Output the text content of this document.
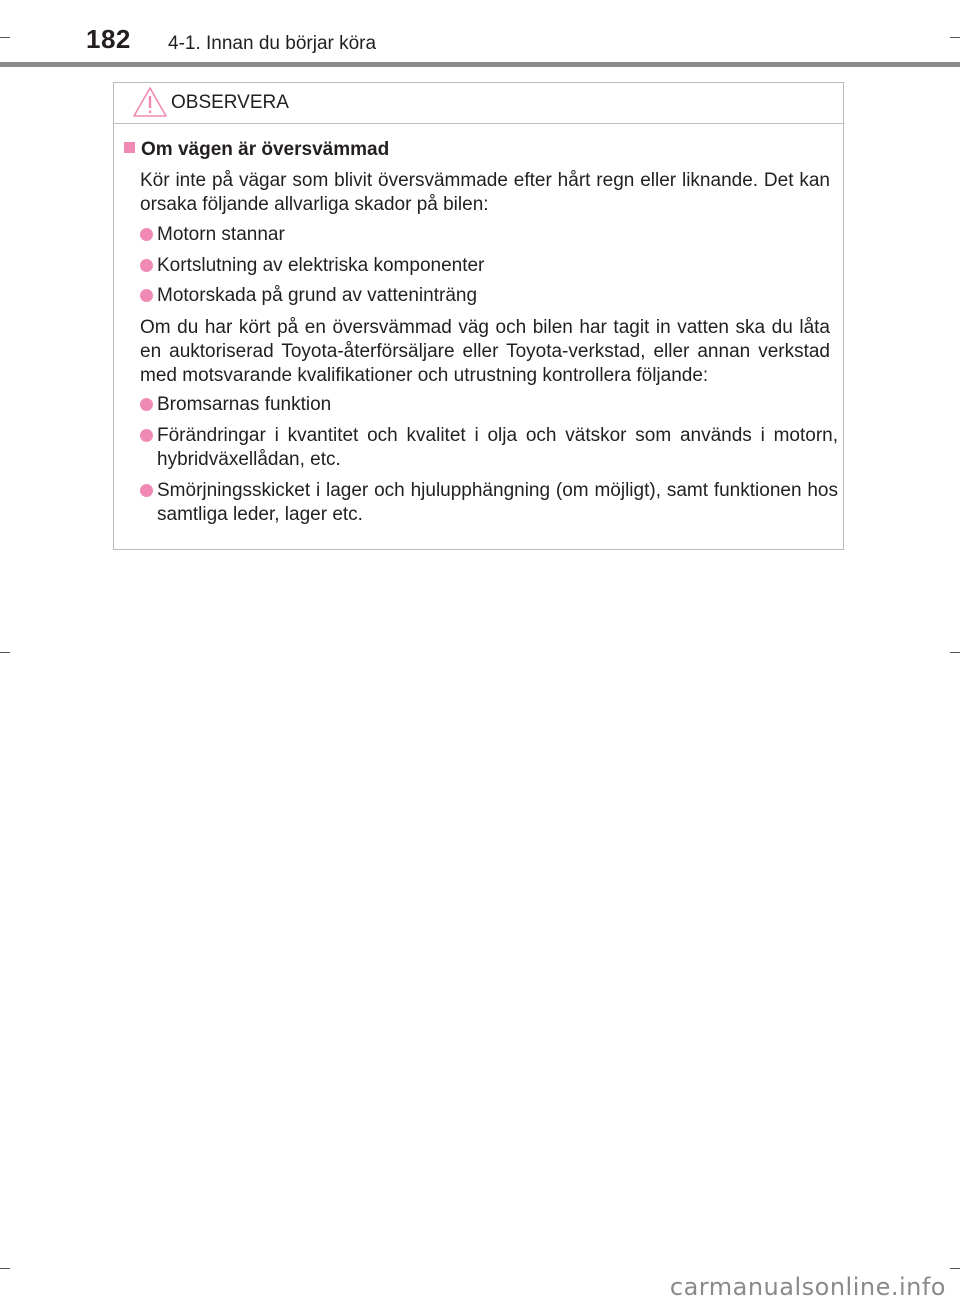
182 4-1. Innan du börjar köra
OBSERVERA
Om vägen är översvämmad
Kör inte på vägar som blivit översvämmade efter hårt regn eller liknande. Det kan orsaka följande allvarliga skador på bilen:
Motorn stannar
Kortslutning av elektriska komponenter
Motorskada på grund av vatteninträng
Om du har kört på en översvämmad väg och bilen har tagit in vatten ska du låta en auktoriserad Toyota-återförsäljare eller Toyota-verkstad, eller annan verkstad med motsvarande kvalifikationer och utrustning kontrollera följande:
Bromsarnas funktion
Förändringar i kvantitet och kvalitet i olja och vätskor som används i motorn, hybridväxellådan, etc.
Smörjningsskicket i lager och hjulupphängning (om möjligt), samt funktionen hos samtliga leder, lager etc.
carmanualsonline.info
